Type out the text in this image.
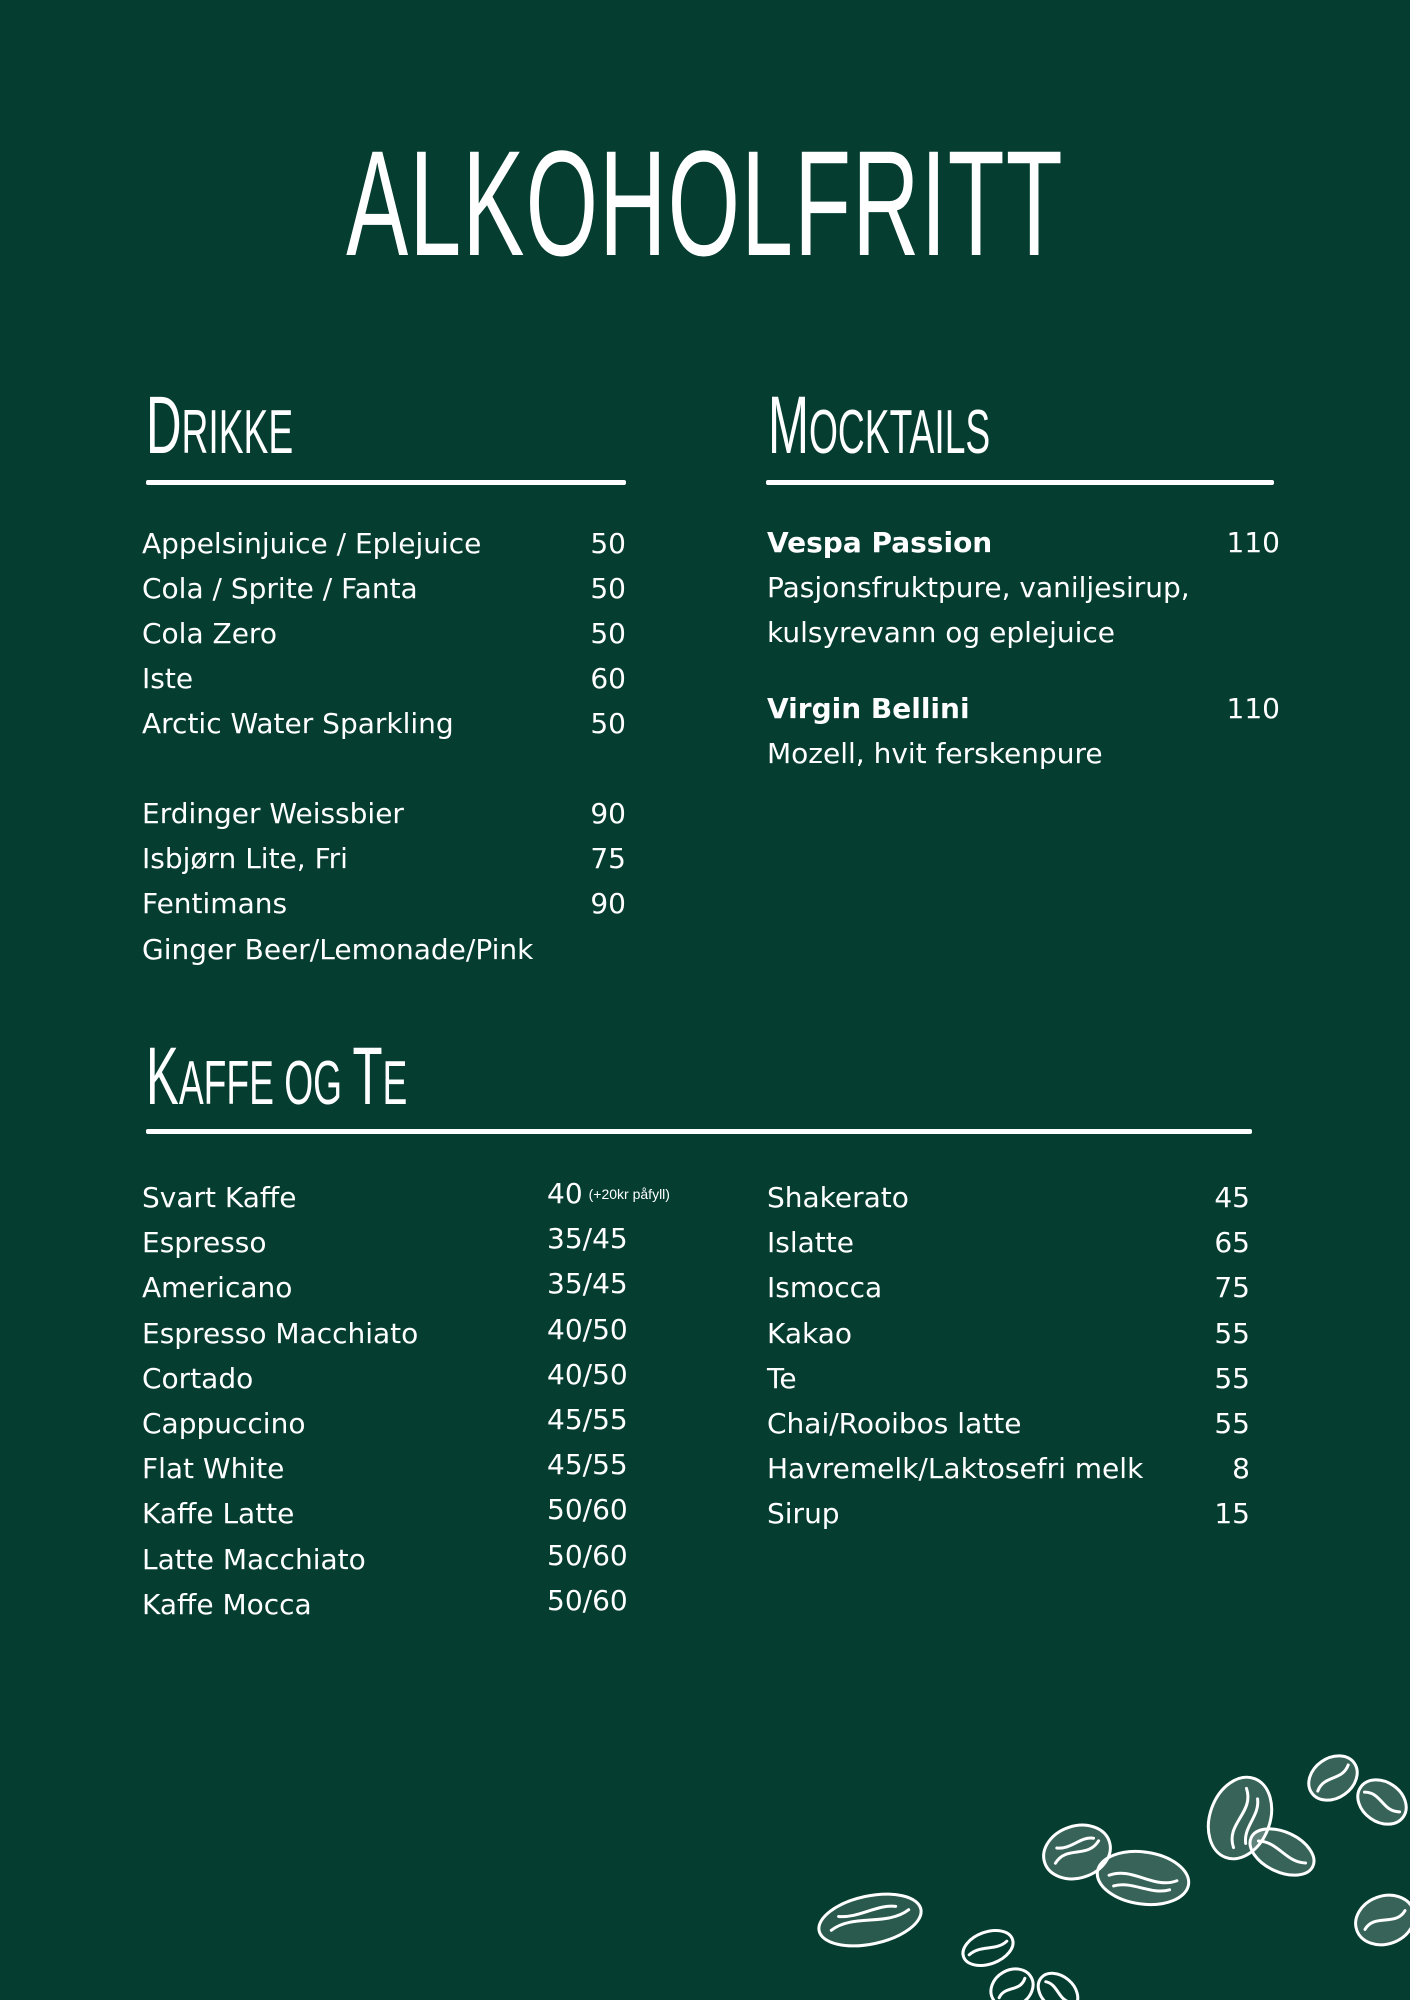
ALKOHOLFRITT
DRIKKE	MOCKTAILS
Vespa Passion	110
Pasjonsfruktpure, vaniljesirup,
kulsyrevann og eplejuice
Virgin Bellini	110
Mozell, hvit ferskenpure
KAFFE OG TE
Appelsinjuice / Eplejuice	50
Cola / Sprite / Fanta	50
Cola Zero	50
Iste	60
Arctic Water Sparkling	50
Erdinger Weissbier	90
Isbjørn Lite, Fri	75
Fentimans	90
Ginger Beer/Lemonade/Pink
Svart Kaffe	40 (+20kr påfyll)
Espresso	35/45
Americano	35/45
Espresso Macchiato	40/50
Cortado	40/50
Cappuccino	45/55
Flat White	45/55
Kaffe Latte	50/60
Latte Macchiato	50/60
Kaffe Mocca	50/60
Shakerato	45
Islatte	65
Ismocca	75
Kakao	55
Te	55
Chai/Rooibos latte	55
Havremelk/Laktosefri melk	8
Sirup	15
